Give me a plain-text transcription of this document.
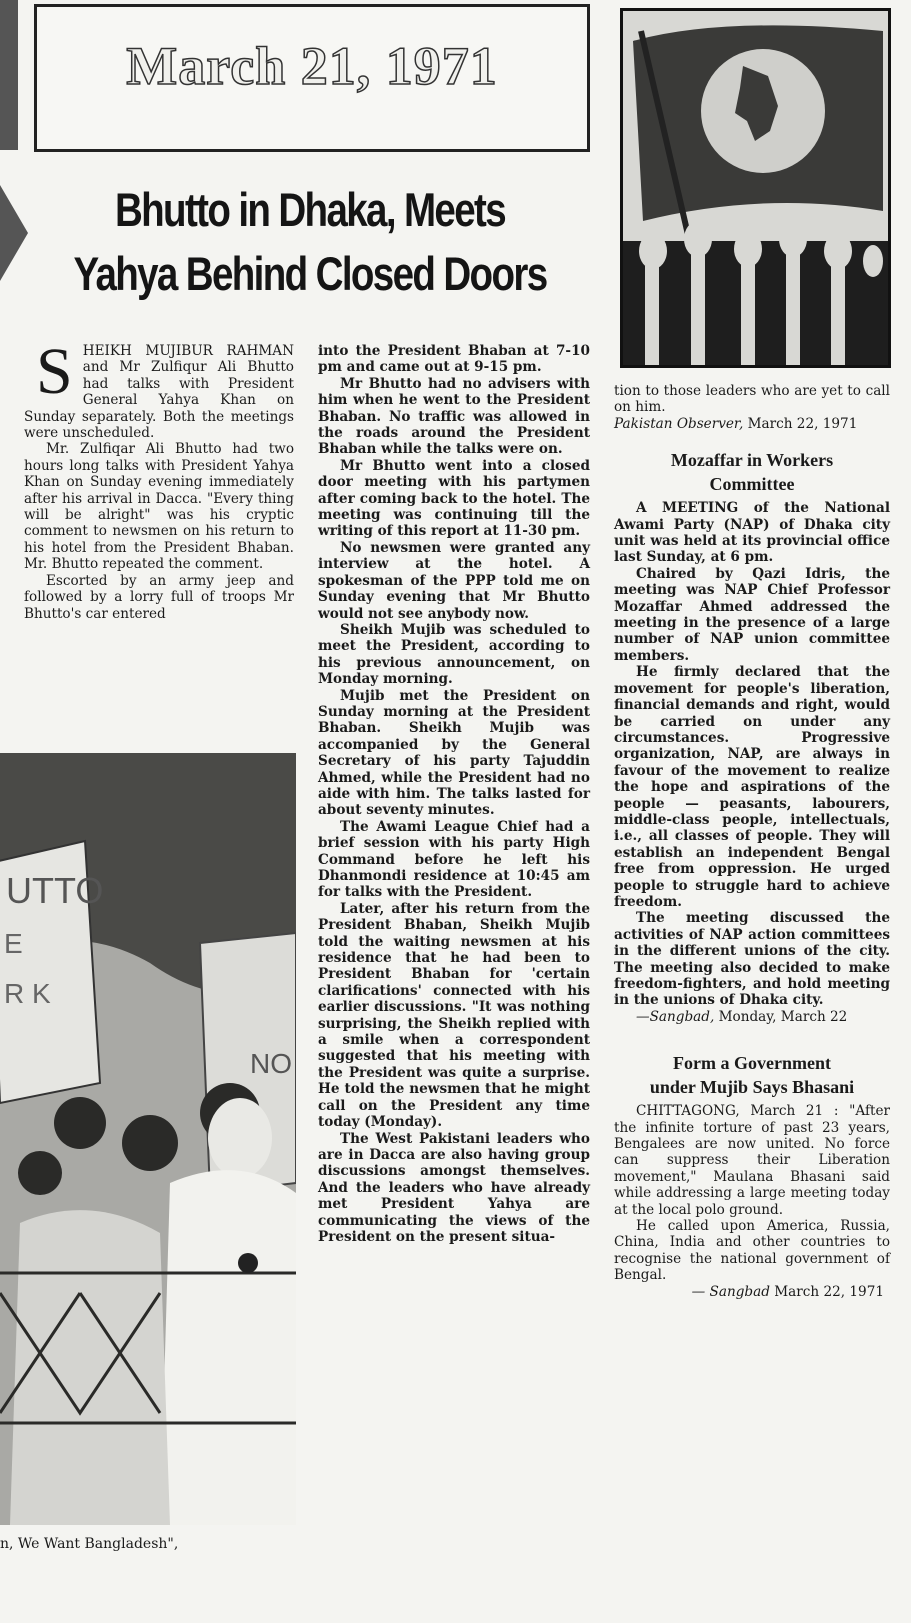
March 21, 1971
Bhutto in Dhaka, Meets
Yahya Behind Closed Doors
S HEIKH MUJIBUR RAHMAN and Mr Zulfiqur Ali Bhutto had talks with President General Yahya Khan on Sunday separately. Both the meetings were unscheduled.

Mr. Zulfiqar Ali Bhutto had two hours long talks with President Yahya Khan on Sunday evening immediately after his arrival in Dacca. "Every thing will be alright" was his cryptic comment to newsmen on his return to his hotel from the President Bhaban. Mr. Bhutto repeated the comment.

Escorted by an army jeep and followed by a lorry full of troops Mr Bhutto's car entered

into the President Bhaban at 7-10 pm and came out at 9-15 pm.

Mr Bhutto had no advisers with him when he went to the President Bhaban. No traffic was allowed in the roads around the President Bhaban while the talks were on.

Mr Bhutto went into a closed door meeting with his partymen after coming back to the hotel. The meeting was continuing till the writing of this report at 11-30 pm.

No newsmen were granted any interview at the hotel. A spokesman of the PPP told me on Sunday evening that Mr Bhutto would not see anybody now.

Sheikh Mujib was scheduled to meet the President, according to his previous announcement, on Monday morning.

Mujib met the President on Sunday morning at the President Bhaban. Sheikh Mujib was accompanied by the General Secretary of his party Tajuddin Ahmed, while the President had no aide with him. The talks lasted for about seventy minutes.

The Awami League Chief had a brief session with his party High Command before he left his Dhanmondi residence at 10:45 am for talks with the President.

Later, after his return from the President Bhaban, Sheikh Mujib told the waiting newsmen at his residence that he had been to President Bhaban for 'certain clarifications' connected with his earlier discussions. "It was nothing surprising, the Sheikh replied with a smile when a correspondent suggested that his meeting with the President was quite a surprise. He told the newsmen that he might call on the President any time today (Monday).

The West Pakistani leaders who are in Dacca are also having group discussions amongst themselves. And the leaders who have already met President Yahya are communicating the views of the President on the present situa-

tion to those leaders who are yet to call on him.

Pakistan Observer, March 22, 1971

Mozaffar in Workers

Committee

A MEETING of the National Awami Party (NAP) of Dhaka city unit was held at its provincial office last Sunday, at 6 pm.

Chaired by Qazi Idris, the meeting was NAP Chief Professor Mozaffar Ahmed addressed the meeting in the presence of a large number of NAP union committee members.

He firmly declared that the movement for people's liberation, financial demands and right, would be carried on under any circumstances. Progressive organization, NAP, are always in favour of the movement to realize the hope and aspirations of the people — peasants, labourers, middle-class people, intellectuals, i.e., all classes of people. They will establish an independent Bengal free from oppression. He urged people to struggle hard to achieve freedom.

The meeting discussed the activities of NAP action committees in the different unions of the city. The meeting also decided to make freedom-fighters, and hold meeting in the unions of Dhaka city.

—Sangbad, Monday, March 22

Form a Government

under Mujib Says Bhasani

CHITTAGONG, March 21 : "After the infinite torture of past 23 years, Bengalees are now united. No force can suppress their Liberation movement," Maulana Bhasani said while addressing a large meeting today at the local polo ground.

He called upon America, Russia, China, India and other countries to recognise the national government of Bengal.

— Sangbad March 22, 1971

UTTO
E
R K
NO
n, We Want Bangladesh",
